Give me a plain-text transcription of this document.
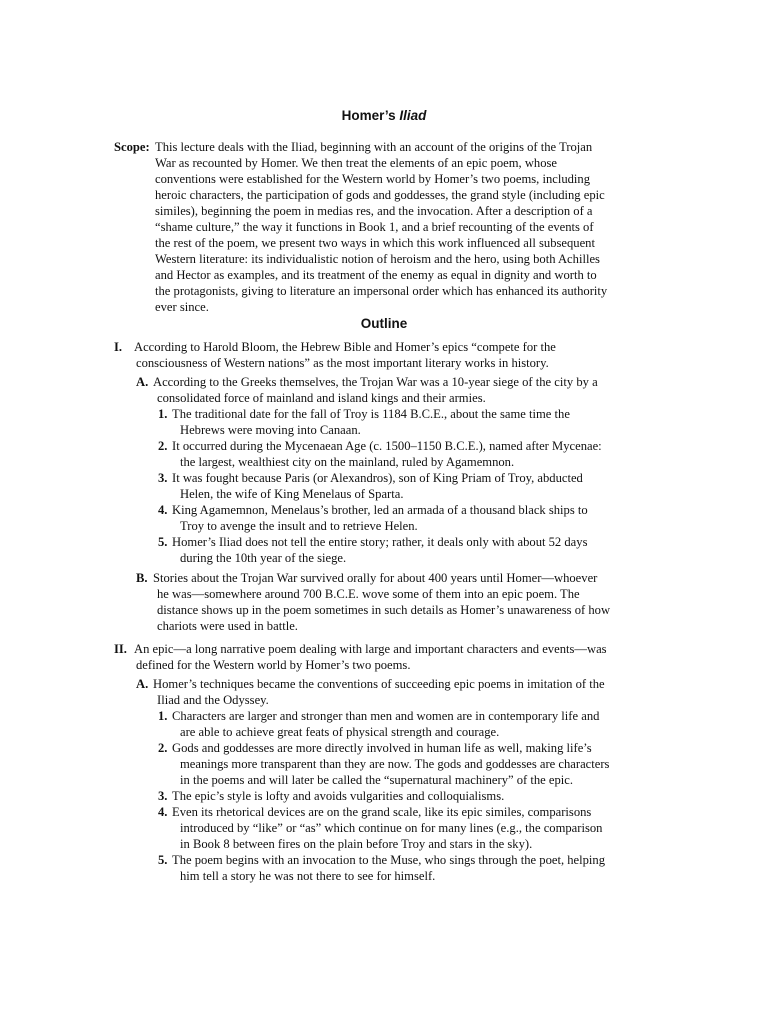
Homer’s Iliad
Scope: This lecture deals with the Iliad, beginning with an account of the origins of the Trojan
War as recounted by Homer. We then treat the elements of an epic poem, whose
conventions were established for the Western world by Homer’s two poems, including
heroic characters, the participation of gods and goddesses, the grand style (including epic
similes), beginning the poem in medias res, and the invocation. After a description of a
“shame culture,” the way it functions in Book 1, and a brief recounting of the events of
the rest of the poem, we present two ways in which this work influenced all subsequent
Western literature: its individualistic notion of heroism and the hero, using both Achilles
and Hector as examples, and its treatment of the enemy as equal in dignity and worth to
the protagonists, giving to literature an impersonal order which has enhanced its authority
ever since.
Outline
I. According to Harold Bloom, the Hebrew Bible and Homer’s epics “compete for the
consciousness of Western nations” as the most important literary works in history.
A. According to the Greeks themselves, the Trojan War was a 10-year siege of the city by a
consolidated force of mainland and island kings and their armies.
1. The traditional date for the fall of Troy is 1184 B.C.E., about the same time the
Hebrews were moving into Canaan.
2. It occurred during the Mycenaean Age (c. 1500–1150 B.C.E.), named after Mycenae:
the largest, wealthiest city on the mainland, ruled by Agamemnon.
3. It was fought because Paris (or Alexandros), son of King Priam of Troy, abducted
Helen, the wife of King Menelaus of Sparta.
4. King Agamemnon, Menelaus’s brother, led an armada of a thousand black ships to
Troy to avenge the insult and to retrieve Helen.
5. Homer’s Iliad does not tell the entire story; rather, it deals only with about 52 days
during the 10th year of the siege.
B. Stories about the Trojan War survived orally for about 400 years until Homer—whoever
he was—somewhere around 700 B.C.E. wove some of them into an epic poem. The
distance shows up in the poem sometimes in such details as Homer’s unawareness of how
chariots were used in battle.
II. An epic—a long narrative poem dealing with large and important characters and events—was
defined for the Western world by Homer’s two poems.
A. Homer’s techniques became the conventions of succeeding epic poems in imitation of the
Iliad and the Odyssey.
1. Characters are larger and stronger than men and women are in contemporary life and
are able to achieve great feats of physical strength and courage.
2. Gods and goddesses are more directly involved in human life as well, making life’s
meanings more transparent than they are now. The gods and goddesses are characters
in the poems and will later be called the “supernatural machinery” of the epic.
3. The epic’s style is lofty and avoids vulgarities and colloquialisms.
4. Even its rhetorical devices are on the grand scale, like its epic similes, comparisons
introduced by “like” or “as” which continue on for many lines (e.g., the comparison
in Book 8 between fires on the plain before Troy and stars in the sky).
5. The poem begins with an invocation to the Muse, who sings through the poet, helping
him tell a story he was not there to see for himself.
